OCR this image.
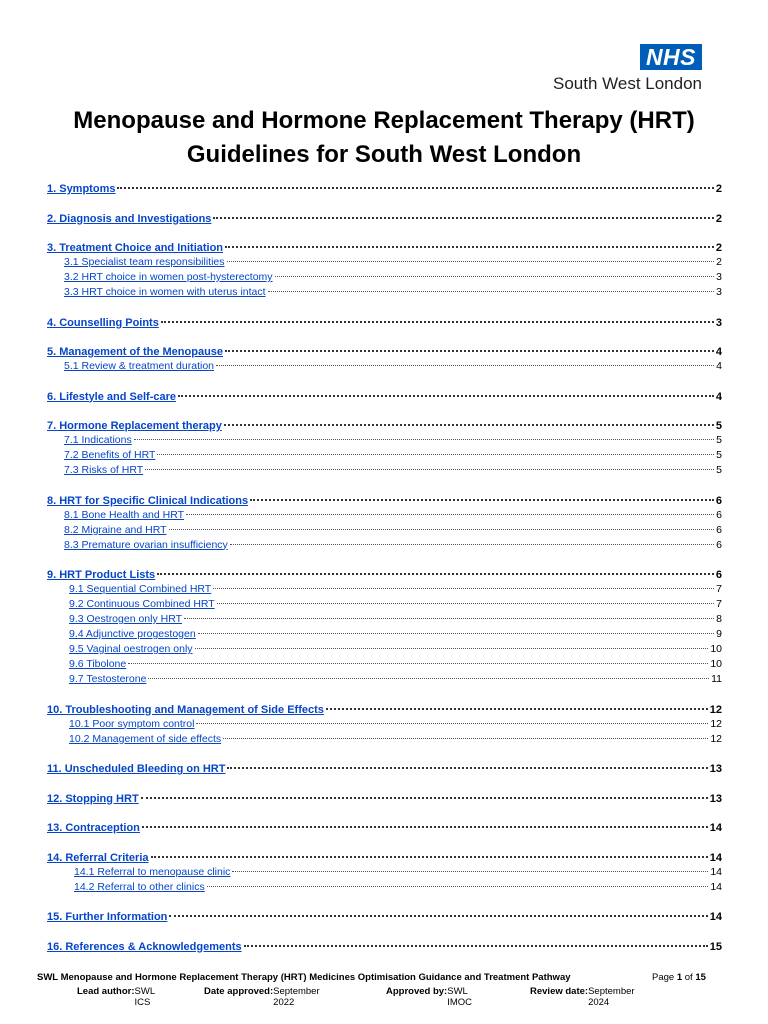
NHS
South West London
Menopause and Hormone Replacement Therapy (HRT)
Guidelines for South West London
1. Symptoms	2
2. Diagnosis and Investigations	2
3. Treatment Choice and Initiation	2
3.1 Specialist team responsibilities	2
3.2 HRT choice in women post-hysterectomy	3
3.3 HRT choice in women with uterus intact	3
4. Counselling Points	3
5. Management of the Menopause	4
5.1 Review & treatment duration	4
6. Lifestyle and Self-care	4
7. Hormone Replacement therapy	5
7.1 Indications	5
7.2 Benefits of HRT	5
7.3 Risks of HRT	5
8. HRT for Specific Clinical Indications	6
8.1 Bone Health and HRT	6
8.2 Migraine and HRT	6
8.3 Premature ovarian insufficiency	6
9. HRT Product Lists	6
9.1 Sequential Combined HRT	7
9.2 Continuous Combined HRT	7
9.3 Oestrogen only HRT	8
9.4 Adjunctive progestogen	9
9.5 Vaginal oestrogen only	10
9.6 Tibolone	10
9.7 Testosterone	11
10. Troubleshooting and Management of Side Effects	12
10.1 Poor symptom control	12
10.2 Management of side effects	12
11. Unscheduled Bleeding on HRT	13
12. Stopping HRT	13
13. Contraception	14
14. Referral Criteria	14
14.1 Referral to menopause clinic	14
14.2 Referral to other clinics	14
15. Further Information	14
16. References & Acknowledgements	15
SWL Menopause and Hormone Replacement Therapy (HRT) Medicines Optimisation Guidance and Treatment Pathway	Page 1 of 15
Lead author: SWL ICS
Date approved: September 2022
Approved by: SWL IMOC
Review date: September 2024
